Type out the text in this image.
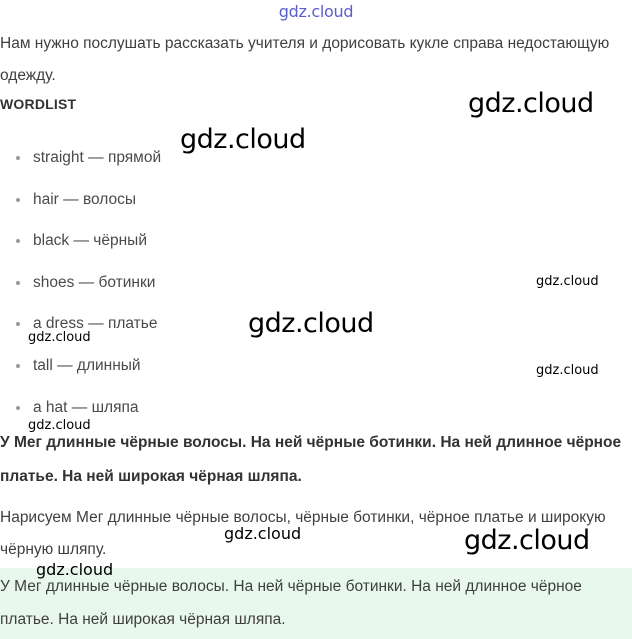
gdz.cloud

Нам нужно послушать рассказать учителя и дорисовать кукле справа недостающую одежду.

WORDLIST
straight — прямой
hair — волосы
black — чёрный
shoes — ботинки
a dress — платье
tall — длинный
a hat — шляпа

У Мег длинные чёрные волосы. На ней чёрные ботинки. На ней длинное чёрное платье. На ней широкая чёрная шляпа.

Нарисуем Мег длинные чёрные волосы, чёрные ботинки, чёрное платье и широкую чёрную шляпу.

У Мег длинные чёрные волосы. На ней чёрные ботинки. На ней длинное чёрное платье. На ней широкая чёрная шляпа.

gdz.cloud
gdz.cloud
gdz.cloud
gdz.cloud
gdz.cloud
gdz.cloud
gdz.cloud
gdz.cloud	gdz.cloud
gdz.cloud
